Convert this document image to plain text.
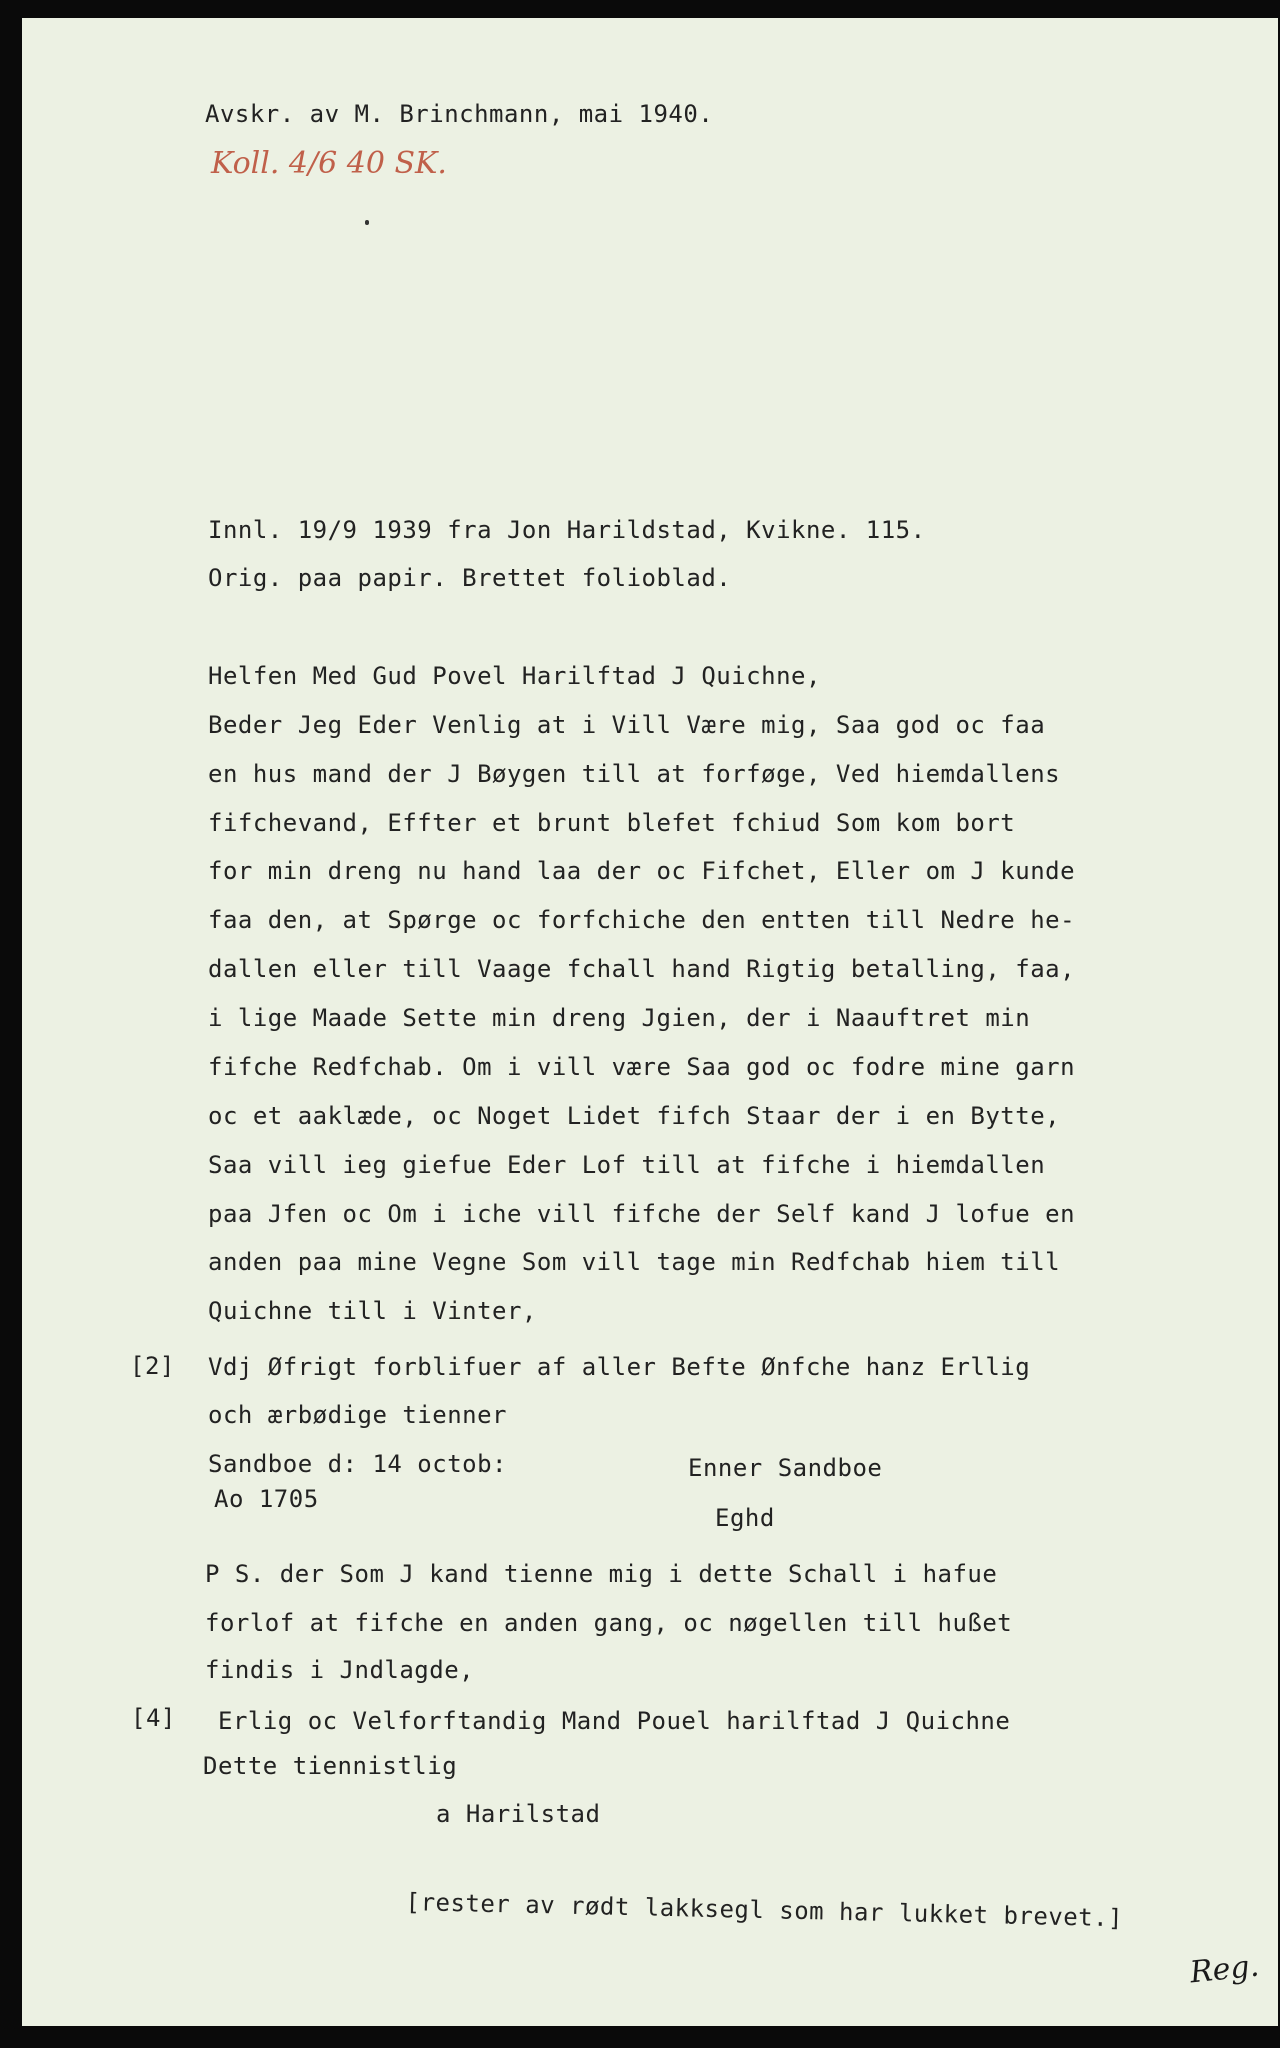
Avskr. av M. Brinchmann, mai 1940.
Koll. 4/6 40 SK.
Innl. 19/9 1939 fra Jon Harildstad, Kvikne. 115.
Orig. paa papir. Brettet folioblad.
Helfen Med Gud Povel Harilftad J Quichne,
Beder Jeg Eder Venlig at i Vill Være mig, Saa god oc faa
en hus mand der J Bøygen till at forføge, Ved hiemdallens
fifchevand, Effter et brunt blefet fchiud Som kom bort
for min dreng nu hand laa der oc Fifchet, Eller om J kunde
faa den, at Spørge oc forfchiche den entten till Nedre he-
dallen eller till Vaage fchall hand Rigtig betalling, faa,
i lige Maade Sette min dreng Jgien, der i Naauftret min
fifche Redfchab. Om i vill være Saa god oc fodre mine garn
oc et aaklæde, oc Noget Lidet fifch Staar der i en Bytte,
Saa vill ieg giefue Eder Lof till at fifche i hiemdallen
paa Jfen oc Om i iche vill fifche der Self kand J lofue en
anden paa mine Vegne Som vill tage min Redfchab hiem till
Quichne till i Vinter,
[2] Vdj Øfrigt forblifuer af aller Befte Ønfche hanz Erllig
och ærbødige tienner
Sandboe d: 14 octob:
Ao 1705
Enner Sandboe
Eghd
P S. der Som J kand tienne mig i dette Schall i hafue
forlof at fifche en anden gang, oc nøgellen till hußet
findis i Jndlagde,
[4] Erlig oc Velforftandig Mand Pouel harilftad J Quichne
Dette tiennistlig
a Harilstad
[rester av rødt lakksegl som har lukket brevet.]
Reg.
